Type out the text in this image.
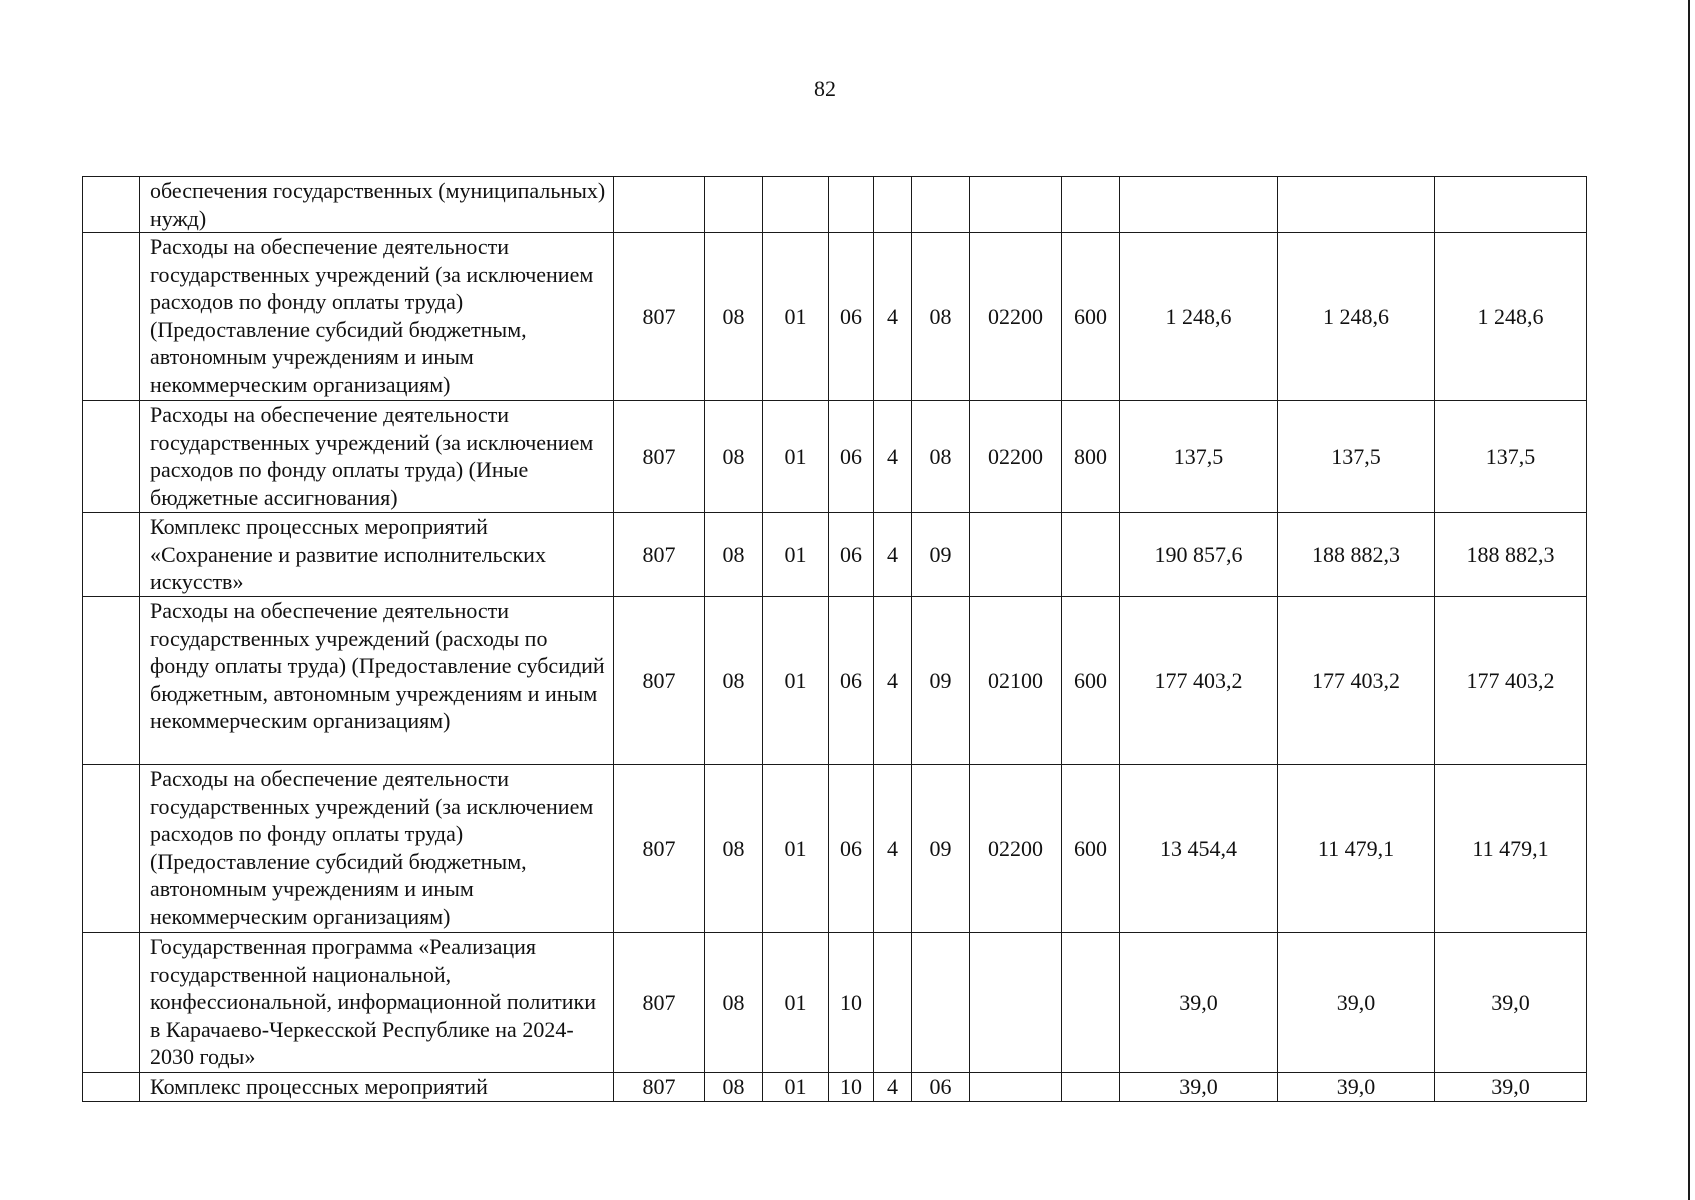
82
	обеспечения государственных (муниципальных) нужд)											
	Расходы на обеспечение деятельности государственных учреждений (за исключением расходов по фонду оплаты труда) (Предоставление субсидий бюджетным, автономным учреждениям и иным некоммерческим организациям)	807	08	01	06	4	08	02200	600	1 248,6	1 248,6	1 248,6
	Расходы на обеспечение деятельности государственных учреждений (за исключением расходов по фонду оплаты труда) (Иные бюджетные ассигнования)	807	08	01	06	4	08	02200	800	137,5	137,5	137,5
	Комплекс процессных мероприятий «Сохранение и развитие исполнительских искусств»	807	08	01	06	4	09			190 857,6	188 882,3	188 882,3
	Расходы на обеспечение деятельности государственных учреждений (расходы по фонду оплаты труда) (Предоставление субсидий бюджетным, автономным учреждениям и иным некоммерческим организациям)	807	08	01	06	4	09	02100	600	177 403,2	177 403,2	177 403,2
	Расходы на обеспечение деятельности государственных учреждений (за исключением расходов по фонду оплаты труда) (Предоставление субсидий бюджетным, автономным учреждениям и иным некоммерческим организациям)	807	08	01	06	4	09	02200	600	13 454,4	11 479,1	11 479,1
	Государственная программа «Реализация государственной национальной, конфессиональной, информационной политики в Карачаево-Черкесской Республике на 2024-2030 годы»	807	08	01	10					39,0	39,0	39,0
	Комплекс процессных мероприятий	807	08	01	10	4	06			39,0	39,0	39,0
